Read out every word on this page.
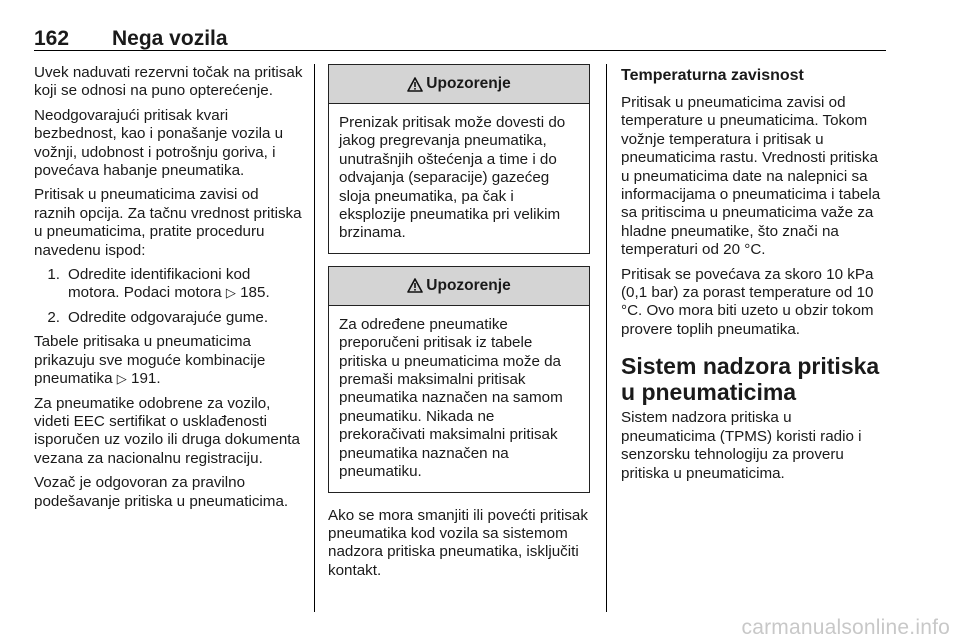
162 Nega vozila

Uvek naduvati rezervni točak na pritisak koji se odnosi na puno opterećenje.

Neodgovarajući pritisak kvari bezbednost, kao i ponašanje vozila u vožnji, udobnost i potrošnju goriva, i povećava habanje pneumatika.

Pritisak u pneumaticima zavisi od raznih opcija. Za tačnu vrednost pritiska u pneumaticima, pratite proceduru navedenu ispod:

1. Odredite identifikacioni kod motora. Podaci motora ▷ 185.
2. Odredite odgovarajuće gume.

Tabele pritisaka u pneumaticima prikazuju sve moguće kombinacije pneumatika ▷ 191.

Za pneumatike odobrene za vozilo, videti EEC sertifikat o usklađenosti isporučen uz vozilo ili druga dokumenta vezana za nacionalnu registraciju.

Vozač je odgovoran za pravilno podešavanje pritiska u pneumaticima.

Upozorenje
Prenizak pritisak može dovesti do jakog pregrevanja pneumatika, unutrašnjih oštećenja a time i do odvajanja (separacije) gazećeg sloja pneumatika, pa čak i eksplozije pneumatika pri velikim brzinama.
Upozorenje
Za određene pneumatike preporučeni pritisak iz tabele pritiska u pneumaticima može da premaši maksimalni pritisak pneumatika naznačen na samom pneumatiku. Nikada ne prekoračivati maksimalni pritisak pneumatika naznačen na pneumatiku.

Ako se mora smanjiti ili povećti pritisak pneumatika kod vozila sa sistemom nadzora pritiska pneumatika, isključiti kontakt.

Temperaturna zavisnost

Pritisak u pneumaticima zavisi od temperature u pneumaticima. Tokom vožnje temperatura i pritisak u pneumaticima rastu. Vrednosti pritiska u pneumaticima date na nalepnici sa informacijama o pneumaticima i tabela sa pritiscima u pneumaticima važe za hladne pneumatike, što znači na temperaturi od 20 °C.

Pritisak se povećava za skoro 10 kPa (0,1 bar) za porast temperature od 10 °C. Ovo mora biti uzeto u obzir tokom provere toplih pneumatika.

Sistem nadzora pritiska u pneumaticima

Sistem nadzora pritiska u pneumaticima (TPMS) koristi radio i senzorsku tehnologiju za proveru pritiska u pneumaticima.

carmanualsonline.info
